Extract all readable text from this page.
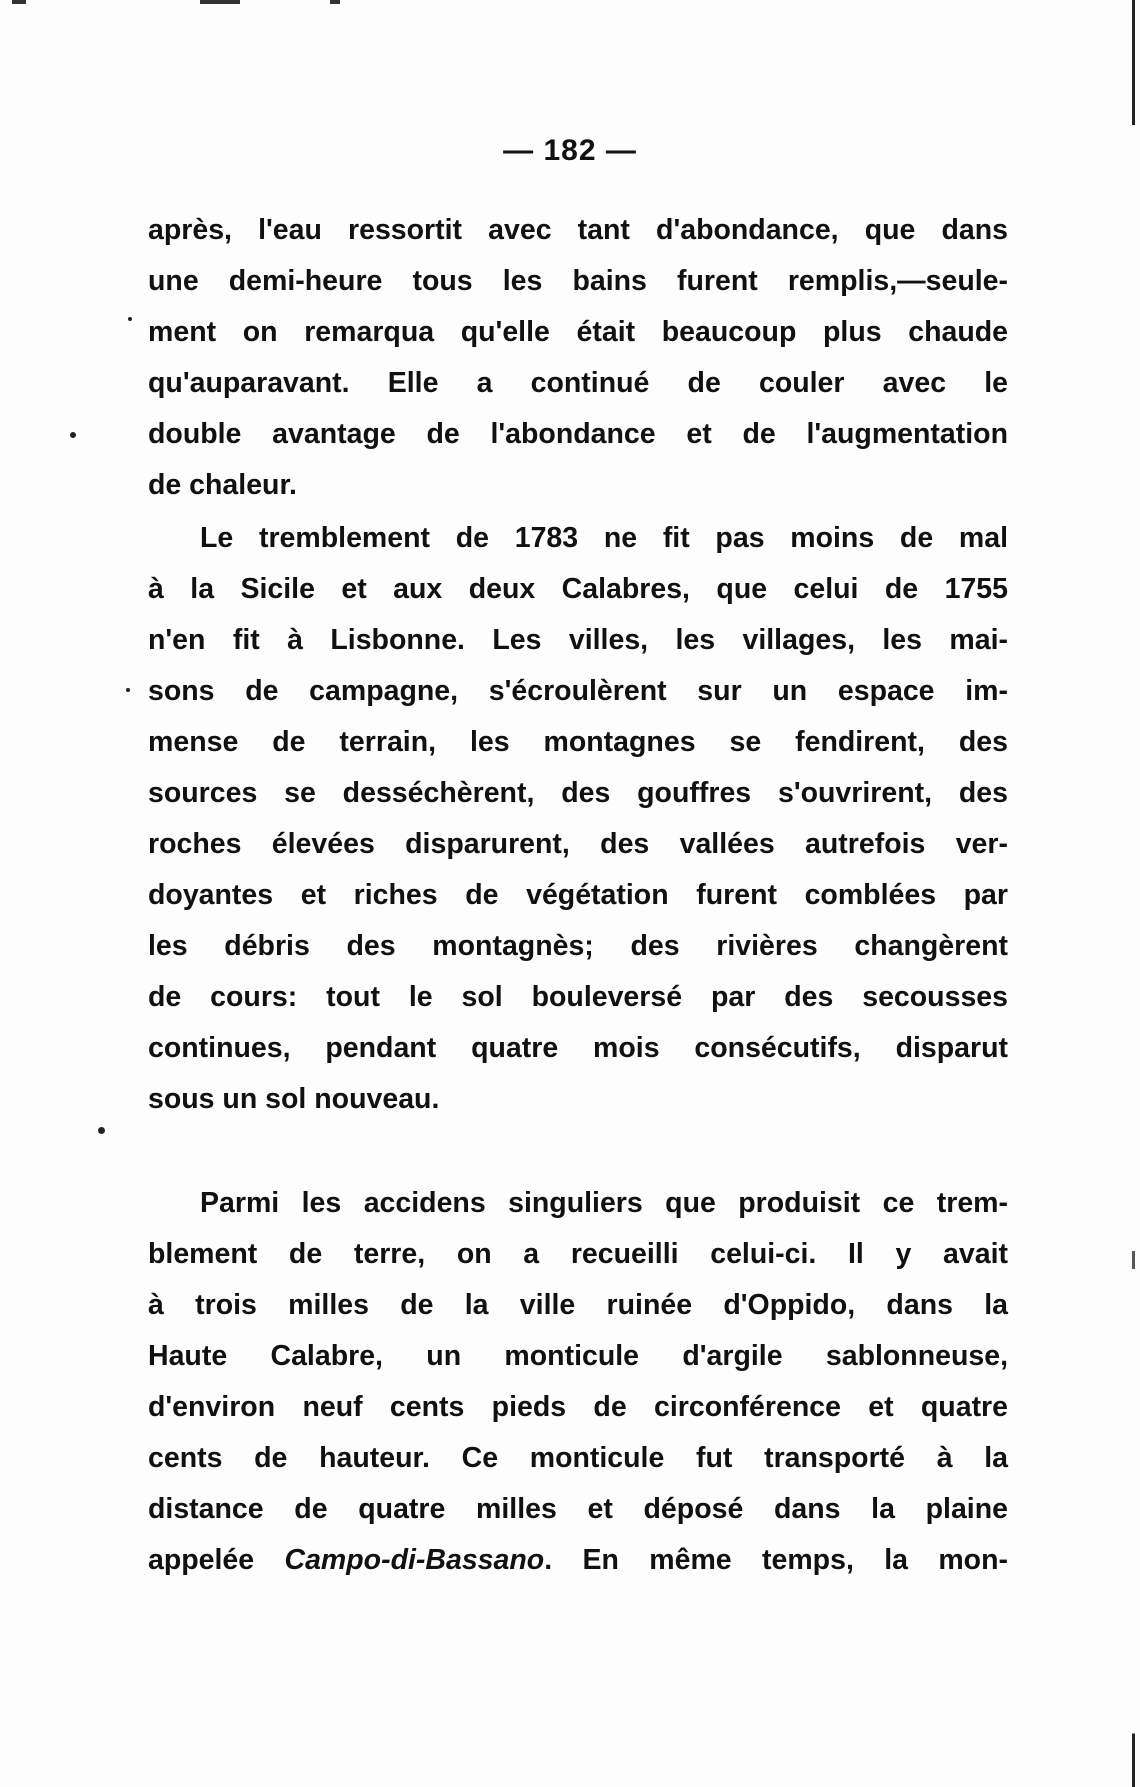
— 182 —
après, l'eau ressortit avec tant d'abondance, que dans
une demi-heure tous les bains furent remplis,—seule-
ment on remarqua qu'elle était beaucoup plus chaude
qu'auparavant. Elle a continué de couler avec le
double avantage de l'abondance et de l'augmentation
de chaleur.
Le tremblement de 1783 ne fit pas moins de mal
à la Sicile et aux deux Calabres, que celui de 1755
n'en fit à Lisbonne. Les villes, les villages, les mai-
sons de campagne, s'écroulèrent sur un espace im-
mense de terrain, les montagnes se fendirent, des
sources se desséchèrent, des gouffres s'ouvrirent, des
roches élevées disparurent, des vallées autrefois ver-
doyantes et riches de végétation furent comblées par
les débris des montagnès; des rivières changèrent
de cours: tout le sol bouleversé par des secousses
continues, pendant quatre mois consécutifs, disparut
sous un sol nouveau.
Parmi les accidens singuliers que produisit ce trem-
blement de terre, on a recueilli celui-ci. Il y avait
à trois milles de la ville ruinée d'Oppido, dans la
Haute Calabre, un monticule d'argile sablonneuse,
d'environ neuf cents pieds de circonférence et quatre
cents de hauteur. Ce monticule fut transporté à la
distance de quatre milles et déposé dans la plaine
appelée Campo-di-Bassano. En même temps, la mon-
